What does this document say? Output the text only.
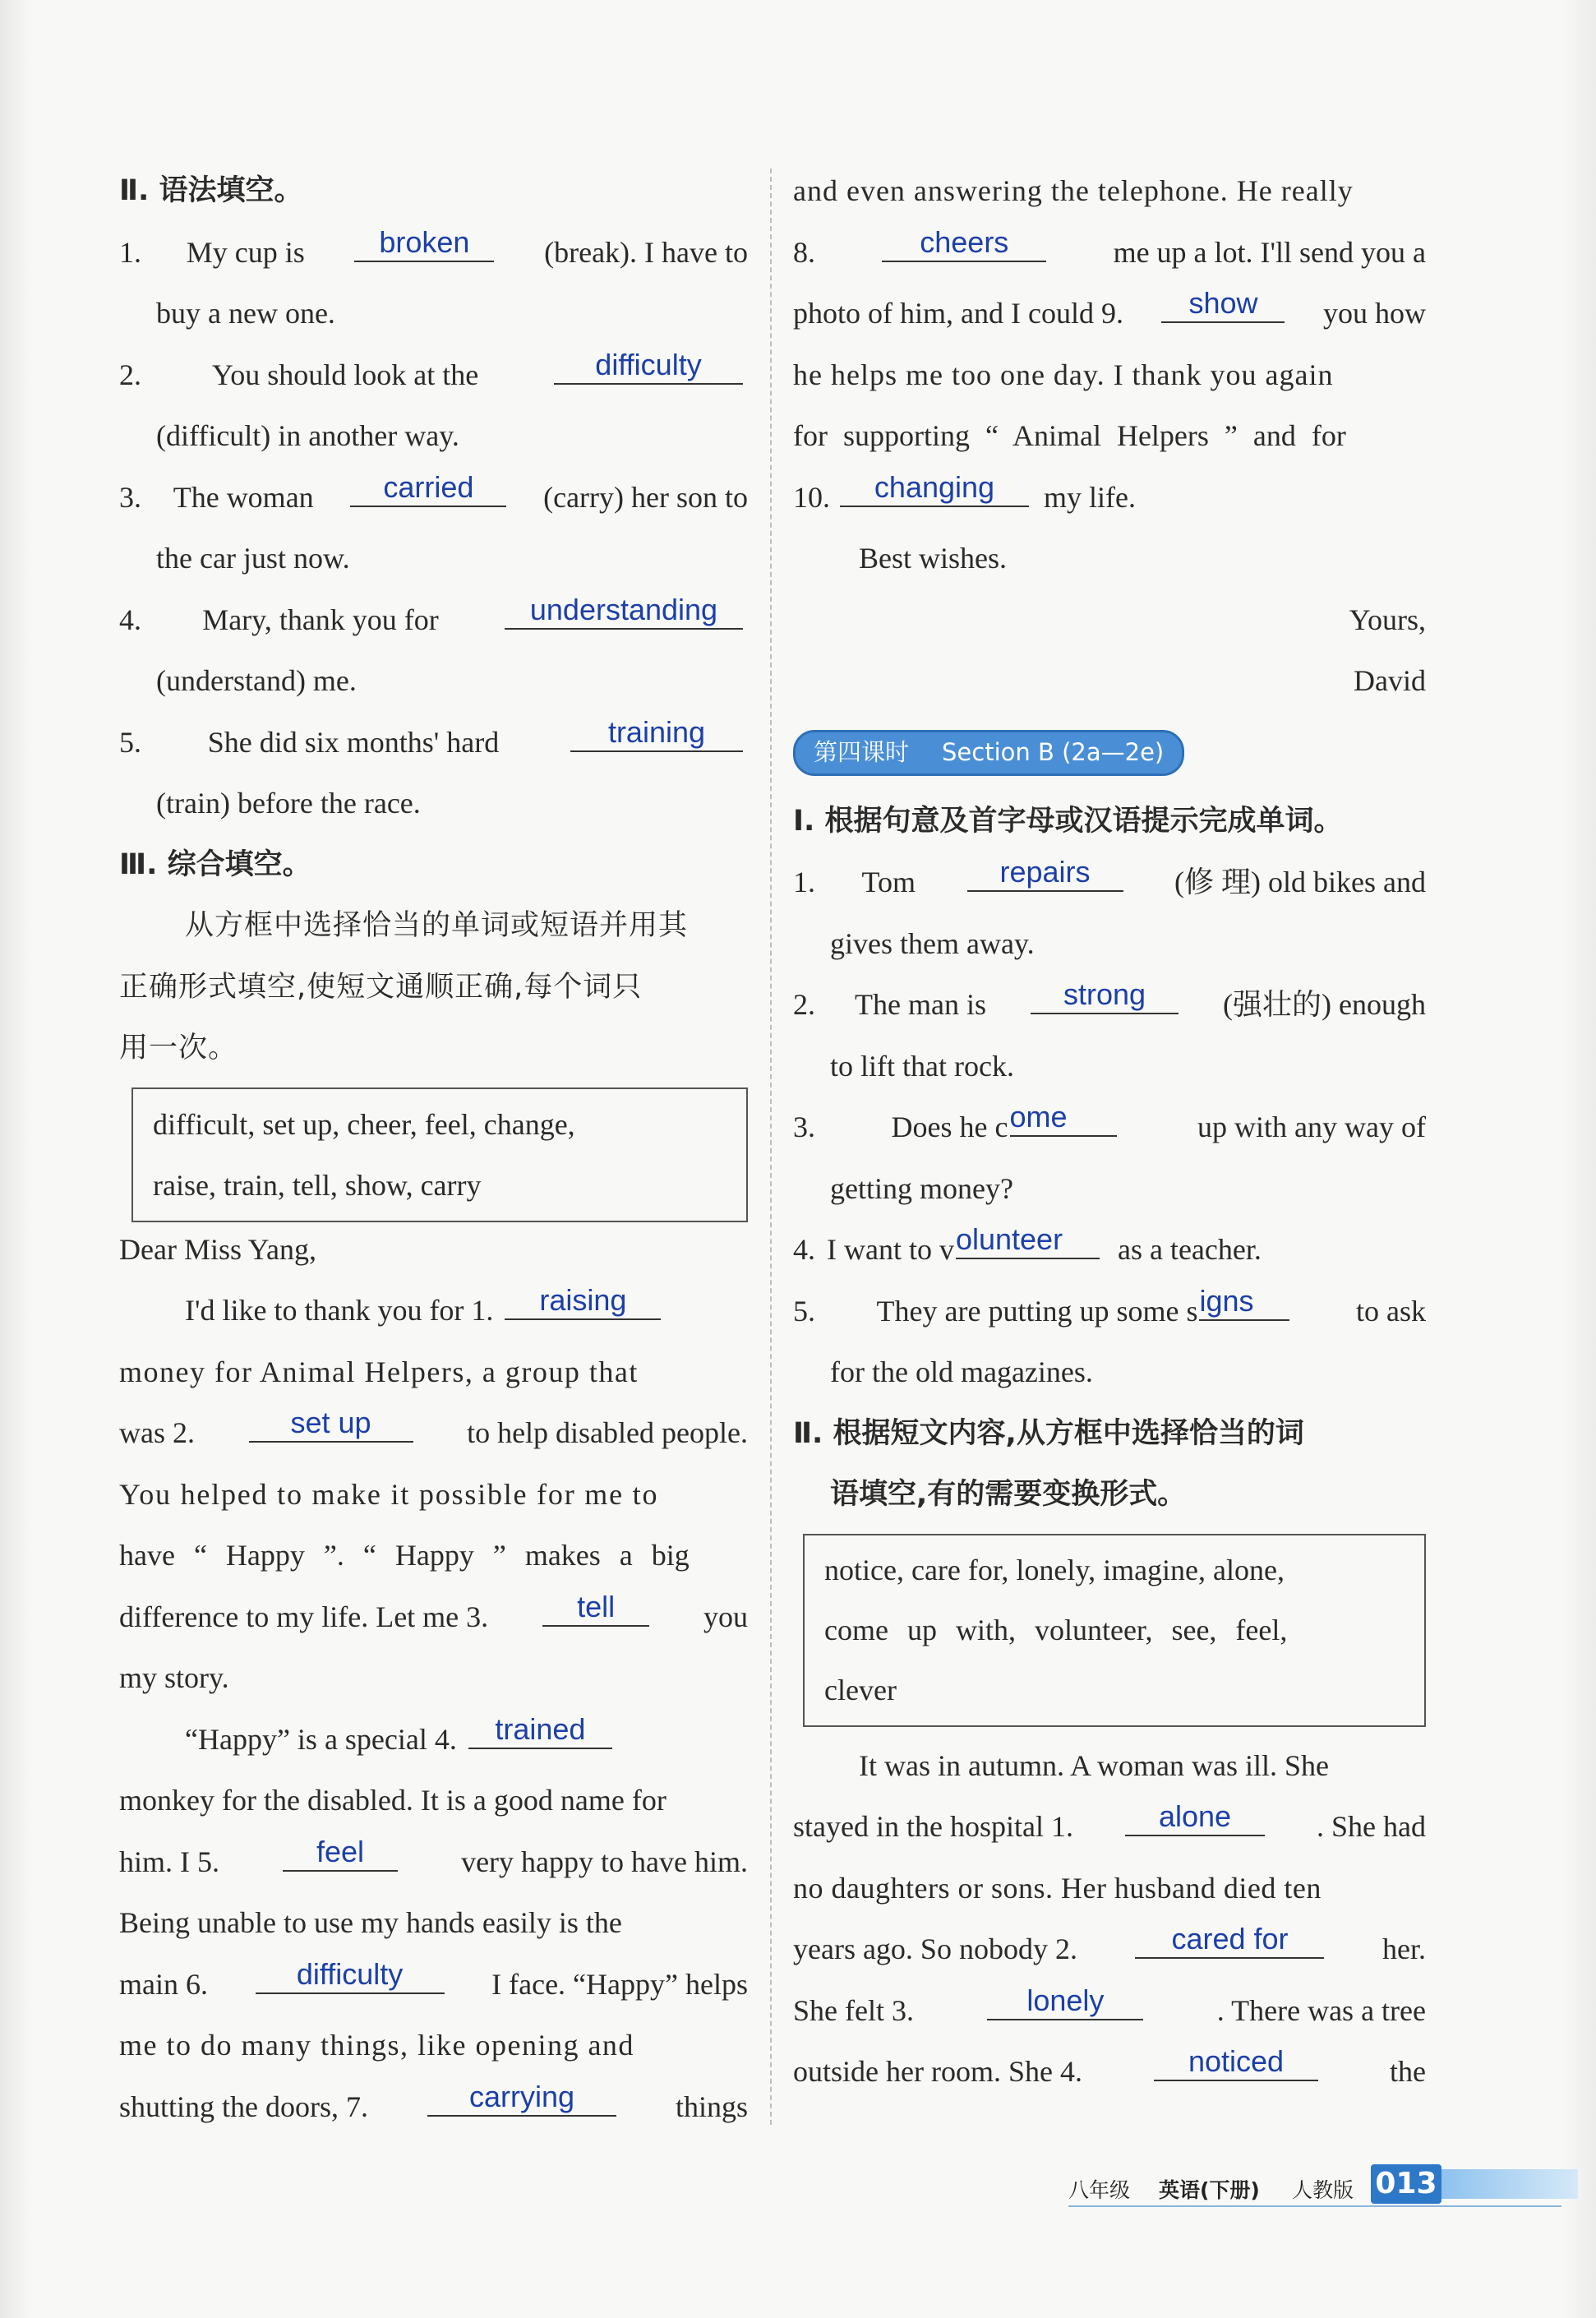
Ⅱ. 语法填空。
1. My cup is	broken	(break). I have to
buy a new one.
2. You should look at the	difficulty
(difficult) in another way.
3. The woman	carried	(carry) her son to
the car just now.
4. Mary, thank you for	understanding
(understand) me.
5. She did six months' hard	training
(train) before the race.
Ⅲ. 综合填空。
从方框中选择恰当的单词或短语并用其
正确形式填空,使短文通顺正确,每个词只
用一次。
difficult, set up, cheer, feel, change,
raise, train, tell, show, carry
Dear Miss Yang,
I'd like to thank you for 1.	raising
money for Animal Helpers, a group that
was 2.	set up	to help disabled people.
You helped to make it possible for me to
have “ Happy ”. “ Happy ” makes a big
difference to my life. Let me 3.	tell	you
my story.
“Happy” is a special 4.	trained
monkey for the disabled. It is a good name for
him. I 5.	feel	very happy to have him.
Being unable to use my hands easily is the
main 6.	difficulty	I face. “Happy” helps
me to do many things, like opening and
shutting the doors, 7.	carrying	things
and even answering the telephone. He really
8.	cheers	me up a lot. I'll send you a
photo of him, and I could 9.	show	you how
he helps me too one day. I thank you again
for supporting “ Animal Helpers ” and for
10.	changing	my life.
Best wishes.
Yours,
David
第四课时 Section B (2a—2e)
Ⅰ. 根据句意及首字母或汉语提示完成单词。
1. Tom	repairs	(修 理) old bikes and
gives them away.
2. The man is	strong	(强壮的) enough
to lift that rock.
3.	Does he c ome	up with any way of
getting money?
4. I want to v olunteer	as a teacher.
5. They are putting up some s igns	to ask
for the old magazines.
Ⅱ. 根据短文内容,从方框中选择恰当的词
语填空,有的需要变换形式。
notice, care for, lonely, imagine, alone,
come up with, volunteer, see, feel,
clever
It was in autumn. A woman was ill. She
stayed in the hospital 1.	alone	. She had
no daughters or sons. Her husband died ten
years ago. So nobody 2.	cared for	her.
She felt 3.	lonely	. There was a tree
outside her room. She 4.	noticed	the
八年级 英语(下册) 人教版 013
